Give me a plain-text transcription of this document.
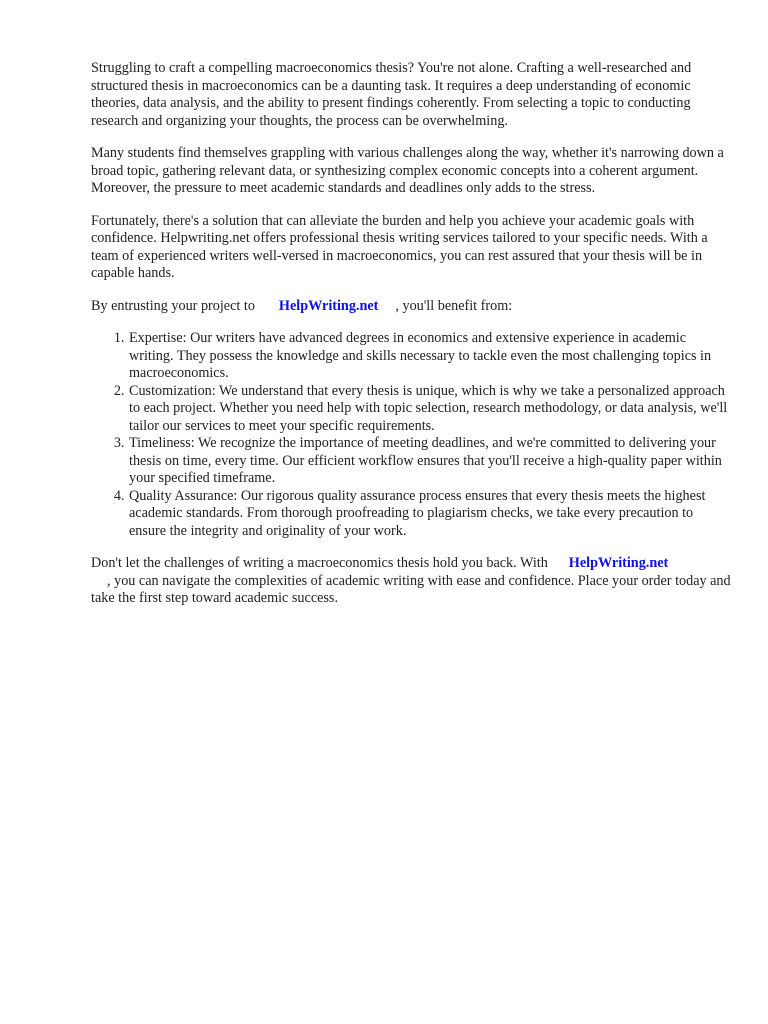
Struggling to craft a compelling macroeconomics thesis? You're not alone. Crafting a well-researched and structured thesis in macroeconomics can be a daunting task. It requires a deep understanding of economic theories, data analysis, and the ability to present findings coherently. From selecting a topic to conducting research and organizing your thoughts, the process can be overwhelming.

Many students find themselves grappling with various challenges along the way, whether it's narrowing down a broad topic, gathering relevant data, or synthesizing complex economic concepts into a coherent argument. Moreover, the pressure to meet academic standards and deadlines only adds to the stress.

Fortunately, there's a solution that can alleviate the burden and help you achieve your academic goals with confidence. Helpwriting.net offers professional thesis writing services tailored to your specific needs. With a team of experienced writers well-versed in macroeconomics, you can rest assured that your thesis will be in capable hands.

By entrusting your project to HelpWriting.net , you'll benefit from:

1. Expertise: Our writers have advanced degrees in economics and extensive experience in academic writing. They possess the knowledge and skills necessary to tackle even the most challenging topics in macroeconomics.
2. Customization: We understand that every thesis is unique, which is why we take a personalized approach to each project. Whether you need help with topic selection, research methodology, or data analysis, we'll tailor our services to meet your specific requirements.
3. Timeliness: We recognize the importance of meeting deadlines, and we're committed to delivering your thesis on time, every time. Our efficient workflow ensures that you'll receive a high-quality paper within your specified timeframe.
4. Quality Assurance: Our rigorous quality assurance process ensures that every thesis meets the highest academic standards. From thorough proofreading to plagiarism checks, we take every precaution to ensure the integrity and originality of your work.

Don't let the challenges of writing a macroeconomics thesis hold you back. With HelpWriting.net
, you can navigate the complexities of academic writing with ease and confidence. Place your order today and take the first step toward academic success.
